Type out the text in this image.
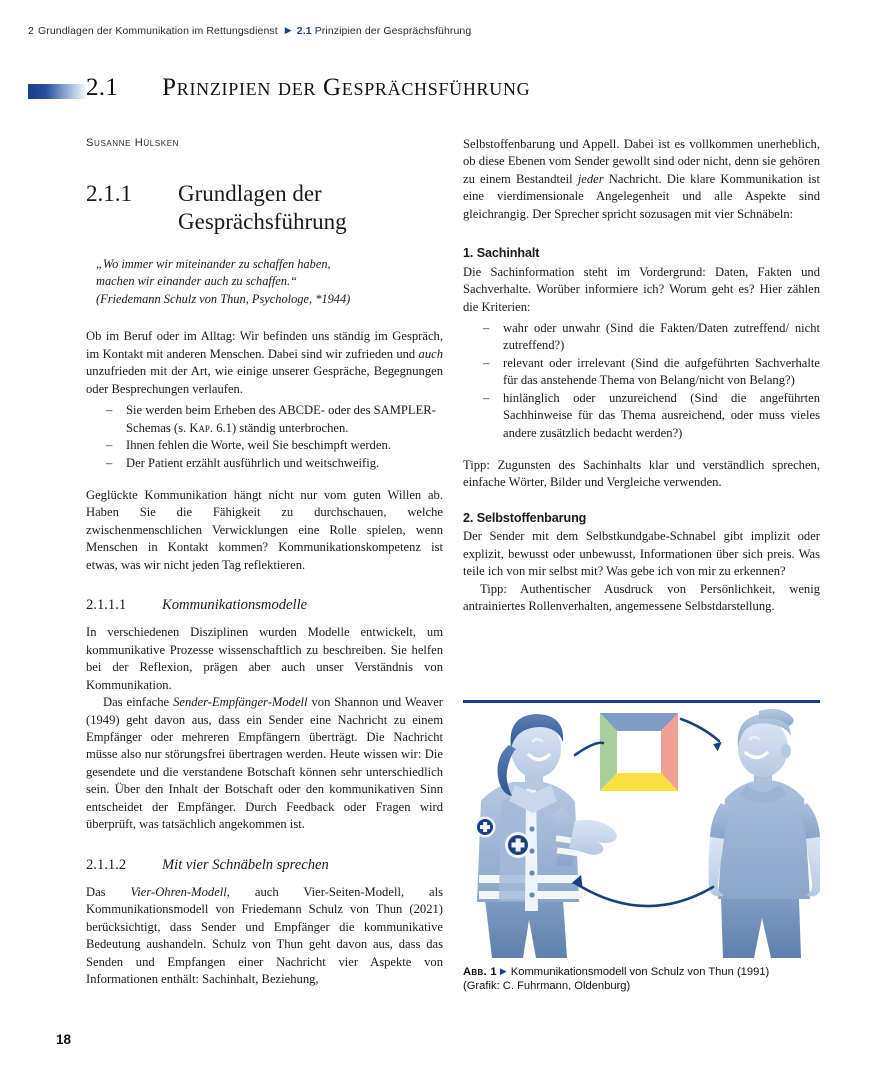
2 Grundlagen der Kommunikation im Rettungsdienst ▶ 2.1 Prinzipien der Gesprächsführung
2.1 Prinzipien der Gesprächsführung
Susanne Hülsken
2.1.1	Grundlagen der
Gesprächsführung
„Wo immer wir miteinander zu schaffen haben,
machen wir einander auch zu schaffen.“
(Friedemann Schulz von Thun, Psychologe, *1944)

Ob im Beruf oder im Alltag: Wir befinden uns ständig im Gespräch, im Kontakt mit anderen Menschen. Dabei sind wir zufrieden und auch unzufrieden mit der Art, wie einige unserer Gespräche, Begegnungen oder Besprechungen verlaufen.

– Sie werden beim Erheben des ABCDE- oder des SAMPLER-Schemas (s. Kap. 6.1) ständig unterbrochen.
– Ihnen fehlen die Worte, weil Sie beschimpft werden.
– Der Patient erzählt ausführlich und weitschweifig.

Geglückte Kommunikation hängt nicht nur vom guten Willen ab. Haben Sie die Fähigkeit zu durchschauen, welche zwischenmenschlichen Verwicklungen eine Rolle spielen, wenn Menschen in Kontakt kommen? Kommunikationskompetenz ist etwas, was wir nicht jeden Tag reflektieren.

2.1.1.1	Kommunikationsmodelle

In verschiedenen Disziplinen wurden Modelle entwickelt, um kommunikative Prozesse wissenschaftlich zu beschreiben. Sie helfen bei der Reflexion, prägen aber auch unser Verständnis von Kommunikation.

Das einfache Sender-Empfänger-Modell von Shannon und Weaver (1949) geht davon aus, dass ein Sender eine Nachricht zu einem Empfänger oder mehreren Empfängern überträgt. Die Nachricht müsse also nur störungsfrei übertragen werden. Heute wissen wir: Die gesendete und die verstandene Botschaft können sehr unterschiedlich sein. Über den Inhalt der Botschaft oder den kommunikativen Sinn entscheidet der Empfänger. Durch Feedback oder Fragen wird überprüft, was tatsächlich angekommen ist.

2.1.1.2	Mit vier Schnäbeln sprechen

Das Vier-Ohren-Modell, auch Vier-Seiten-Modell, als Kommunikationsmodell von Friedemann Schulz von Thun (2021) berücksichtigt, dass Sender und Empfänger die kommunikative Bedeutung aushandeln. Schulz von Thun geht davon aus, dass das Senden und Empfangen einer Nachricht vier Aspekte von Informationen enthält: Sachinhalt, Beziehung,

Selbstoffenbarung und Appell. Dabei ist es vollkommen unerheblich, ob diese Ebenen vom Sender gewollt sind oder nicht, denn sie gehören zu einem Bestandteil jeder Nachricht. Die klare Kommunikation ist eine vierdimensionale Angelegenheit und alle Aspekte sind gleichrangig. Der Sprecher spricht sozusagen mit vier Schnäbeln:

1. Sachinhalt

Die Sachinformation steht im Vordergrund: Daten, Fakten und Sachverhalte. Worüber informiere ich? Worum geht es? Hier zählen die Kriterien:

– wahr oder unwahr (Sind die Fakten/Daten zutreffend/ nicht zutreffend?)
– relevant oder irrelevant (Sind die aufgeführten Sachverhalte für das anstehende Thema von Belang/nicht von Belang?)
– hinlänglich oder unzureichend (Sind die angeführten Sachhinweise für das Thema ausreichend, oder muss vieles andere zusätzlich bedacht werden?)

Tipp: Zugunsten des Sachinhalts klar und verständlich sprechen, einfache Wörter, Bilder und Vergleiche verwenden.

2. Selbstoffenbarung

Der Sender mit dem Selbstkundgabe-Schnabel gibt implizit oder explizit, bewusst oder unbewusst, Informationen über sich preis. Was teile ich von mir selbst mit? Was gebe ich von mir zu erkennen?

Tipp: Authentischer Ausdruck von Persönlichkeit, wenig antrainiertes Rollenverhalten, angemessene Selbstdarstellung.

Abb. 1 ▶ Kommunikationsmodell von Schulz von Thun (1991)
(Grafik: C. Fuhrmann, Oldenburg)
18
